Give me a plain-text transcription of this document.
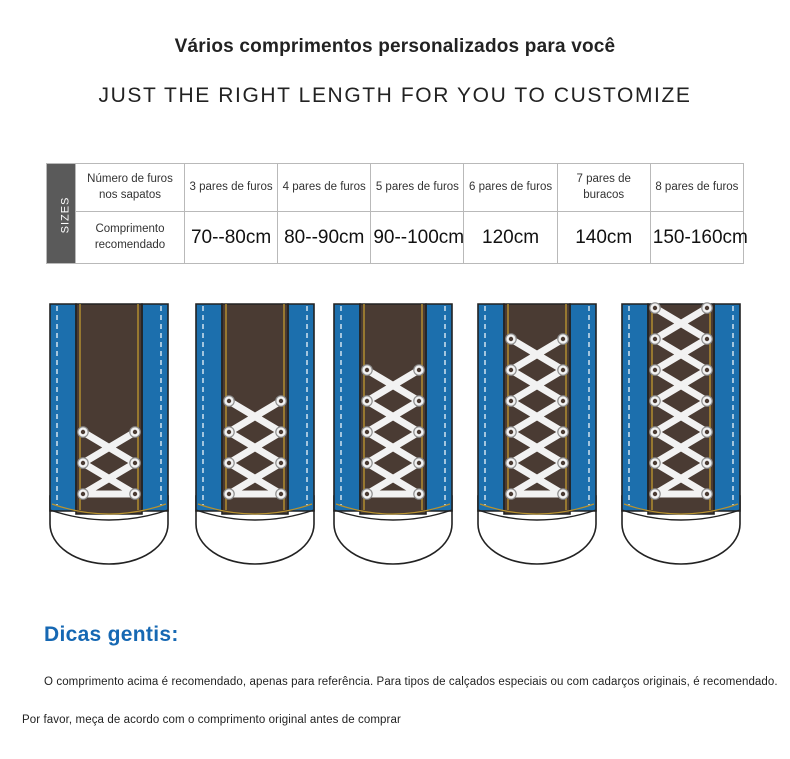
Vários comprimentos personalizados para você
JUST THE RIGHT LENGTH FOR YOU TO CUSTOMIZE
SIZES	Número de furos nos sapatos	3 pares de furos	4 pares de furos	5 pares de furos	6 pares de furos	7 pares de buracos	8 pares de furos
	Comprimento recomendado	70--80cm	80--90cm	90--100cm	120cm	140cm	150-160cm
Dicas gentis:
O comprimento acima é recomendado, apenas para referência. Para tipos de calçados especiais ou com cadarços originais, é recomendado.
Por favor, meça de acordo com o comprimento original antes de comprar
